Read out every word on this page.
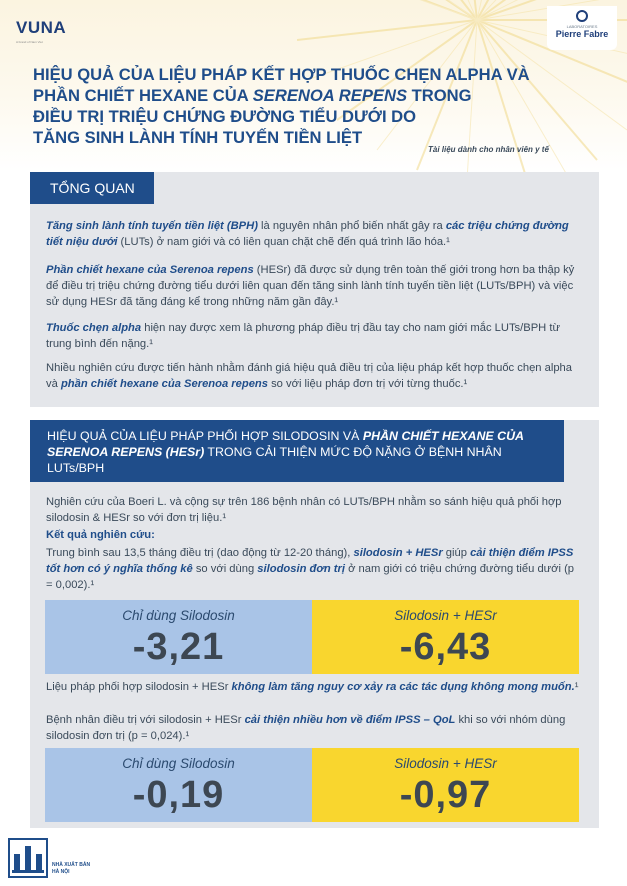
VUNA
A brand of Nam Viet
LABORATOIRES
Pierre Fabre
HIỆU QUẢ CỦA LIỆU PHÁP KẾT HỢP THUỐC CHẸN ALPHA VÀ
PHẦN CHIẾT HEXANE CỦA SERENOA REPENS TRONG
ĐIỀU TRỊ TRIỆU CHỨNG ĐƯỜNG TIỂU DƯỚI DO
TĂNG SINH LÀNH TÍNH TUYẾN TIỀN LIỆT
Tài liệu dành cho nhân viên y tế
TỔNG QUAN
Tăng sinh lành tính tuyến tiền liệt (BPH) là nguyên nhân phổ biến nhất gây ra các triệu chứng đường tiết niệu dưới (LUTs) ở nam giới và có liên quan chặt chẽ đến quá trình lão hóa.¹
Phần chiết hexane của Serenoa repens (HESr) đã được sử dụng trên toàn thế giới trong hơn ba thập kỷ để điều trị triệu chứng đường tiểu dưới liên quan đến tăng sinh lành tính tuyến tiền liệt (LUTs/BPH) và việc sử dụng HESr đã tăng đáng kể trong những năm gần đây.¹
Thuốc chẹn alpha hiện nay được xem là phương pháp điều trị đầu tay cho nam giới mắc LUTs/BPH từ trung bình đến nặng.¹
Nhiều nghiên cứu được tiến hành nhằm đánh giá hiệu quả điều trị của liệu pháp kết hợp thuốc chẹn alpha và phần chiết hexane của Serenoa repens so với liệu pháp đơn trị với từng thuốc.¹
HIỆU QUẢ CỦA LIỆU PHÁP PHỐI HỢP SILODOSIN VÀ PHẦN CHIẾT HEXANE CỦA SERENOA REPENS (HESr) TRONG CẢI THIỆN MỨC ĐỘ NẶNG Ở BỆNH NHÂN LUTs/BPH
Nghiên cứu của Boeri L. và cộng sự trên 186 bệnh nhân có LUTs/BPH nhằm so sánh hiệu quả phối hợp silodosin & HESr so với đơn trị liệu.¹
Kết quả nghiên cứu:
Trung bình sau 13,5 tháng điều trị (dao động từ 12-20 tháng), silodosin + HESr giúp cải thiện điểm IPSS tốt hơn có ý nghĩa thống kê so với dùng silodosin đơn trị ở nam giới có triệu chứng đường tiểu dưới (p = 0,002).¹
Chỉ dùng Silodosin
-3,21
Silodosin + HESr
-6,43
Liệu pháp phối hợp silodosin + HESr không làm tăng nguy cơ xảy ra các tác dụng không mong muốn.¹
Bệnh nhân điều trị với silodosin + HESr cải thiện nhiều hơn về điểm IPSS – QoL khi so với nhóm dùng silodosin đơn trị (p = 0,024).¹
Chỉ dùng Silodosin
-0,19
Silodosin + HESr
-0,97
NHÀ XUẤT BẢN
HÀ NỘI
